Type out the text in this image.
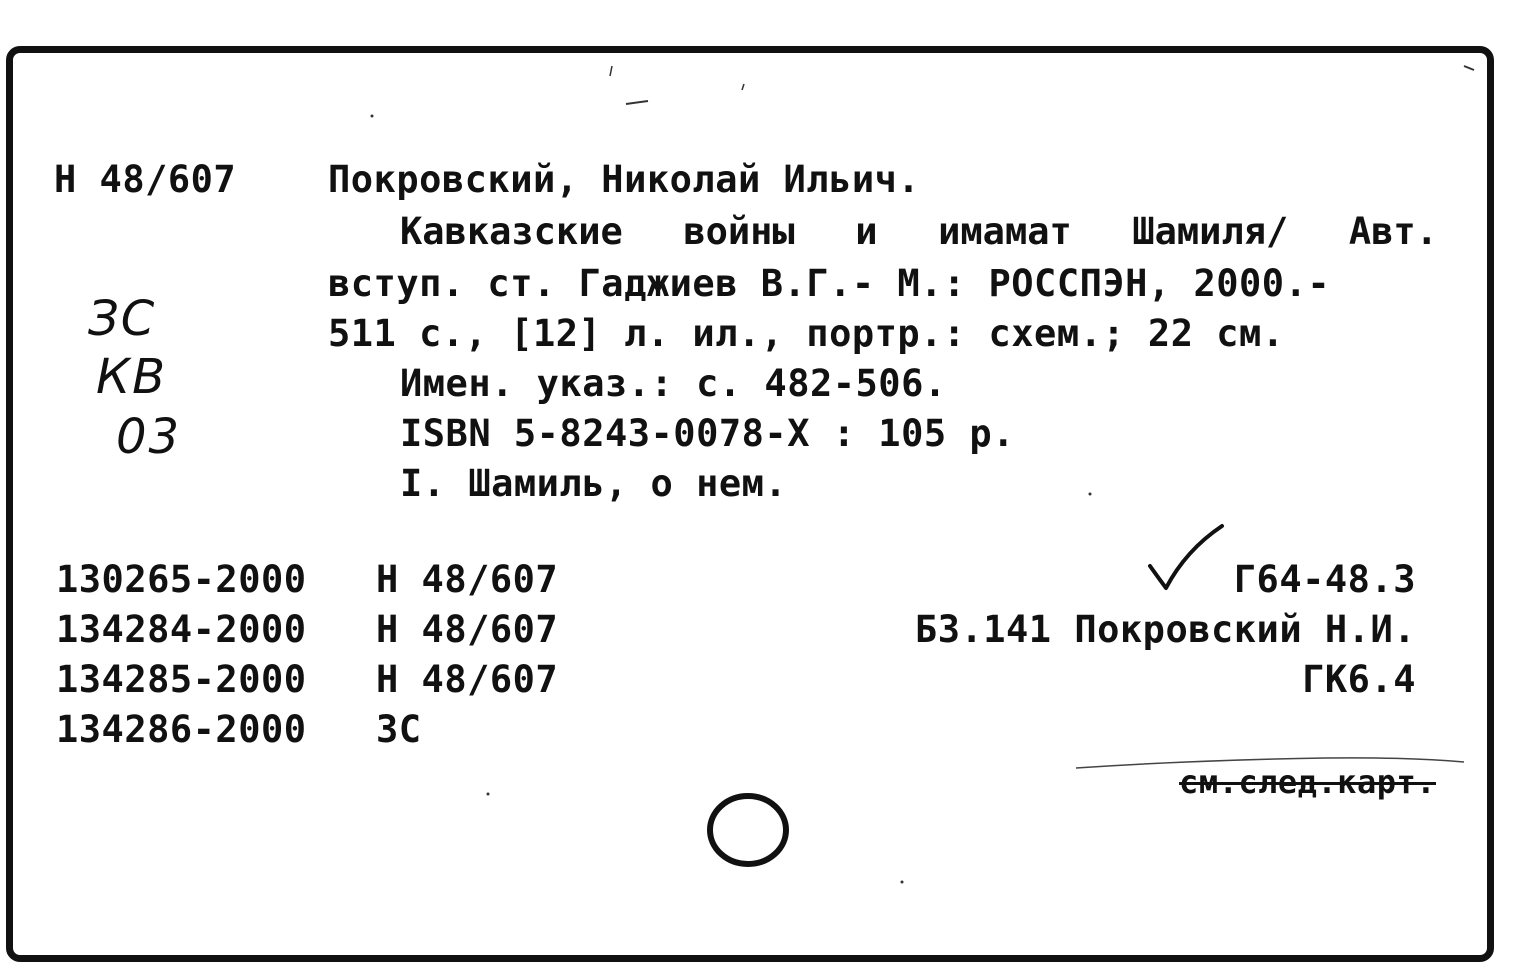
Н 48/607 Покровский, Николай Ильич.
Кавказские войны и имамат Шамиля/ Авт.
вступ. ст. Гаджиев В.Г.- М.: РОССПЭН, 2000.-
511 с., [12] л. ил., портр.: схем.; 22 см.
Имен. указ.: с. 482-506.
ISBN 5-8243-0078-X : 105 р.
I. Шамиль, о нем.
ЗС
КВ
03
130265-2000 Н 48/607
134284-2000 Н 48/607
134285-2000 Н 48/607
134286-2000 ЗС
Г64-48.3
Б3.141 Покровский Н.И.
ГК6.4
см.след.карт.
